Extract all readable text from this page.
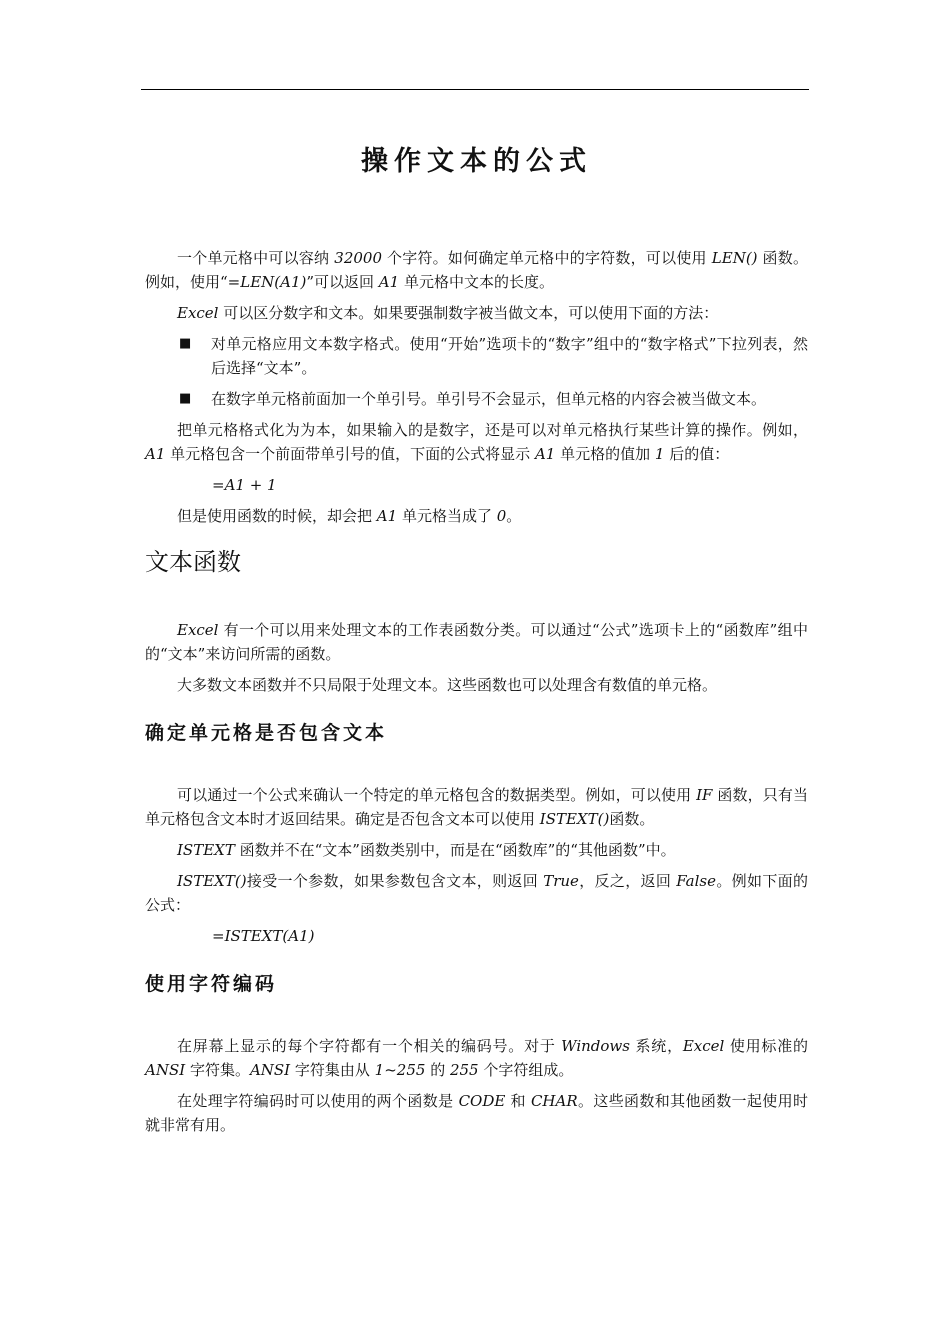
操作文本的公式

一个单元格中可以容纳 32000 个字符。如何确定单元格中的字符数，可以使用 LEN() 函数。例如，使用“=LEN(A1)”可以返回 A1 单元格中文本的长度。

Excel 可以区分数字和文本。如果要强制数字被当做文本，可以使用下面的方法：

■ 对单元格应用文本数字格式。使用“开始”选项卡的“数字”组中的“数字格式”下拉列表，然后选择“文本”。
■ 在数字单元格前面加一个单引号。单引号不会显示，但单元格的内容会被当做文本。

把单元格格式化为为本，如果输入的是数字，还是可以对单元格执行某些计算的操作。例如，A1 单元格包含一个前面带单引号的值，下面的公式将显示 A1 单元格的值加 1 后的值：

=A1 + 1

但是使用函数的时候，却会把 A1 单元格当成了 0。

文本函数

Excel 有一个可以用来处理文本的工作表函数分类。可以通过“公式”选项卡上的“函数库”组中的“文本”来访问所需的函数。

大多数文本函数并不只局限于处理文本。这些函数也可以处理含有数值的单元格。

确定单元格是否包含文本

可以通过一个公式来确认一个特定的单元格包含的数据类型。例如，可以使用 IF 函数，只有当单元格包含文本时才返回结果。确定是否包含文本可以使用 ISTEXT()函数。

ISTEXT 函数并不在“文本”函数类别中，而是在“函数库”的“其他函数”中。

ISTEXT()接受一个参数，如果参数包含文本，则返回 True，反之，返回 False。例如下面的公式：

=ISTEXT(A1)
使用字符编码

在屏幕上显示的每个字符都有一个相关的编码号。对于 Windows 系统，Excel 使用标准的 ANSI 字符集。ANSI 字符集由从 1~255 的 255 个字符组成。

在处理字符编码时可以使用的两个函数是 CODE 和 CHAR。这些函数和其他函数一起使用时就非常有用。
